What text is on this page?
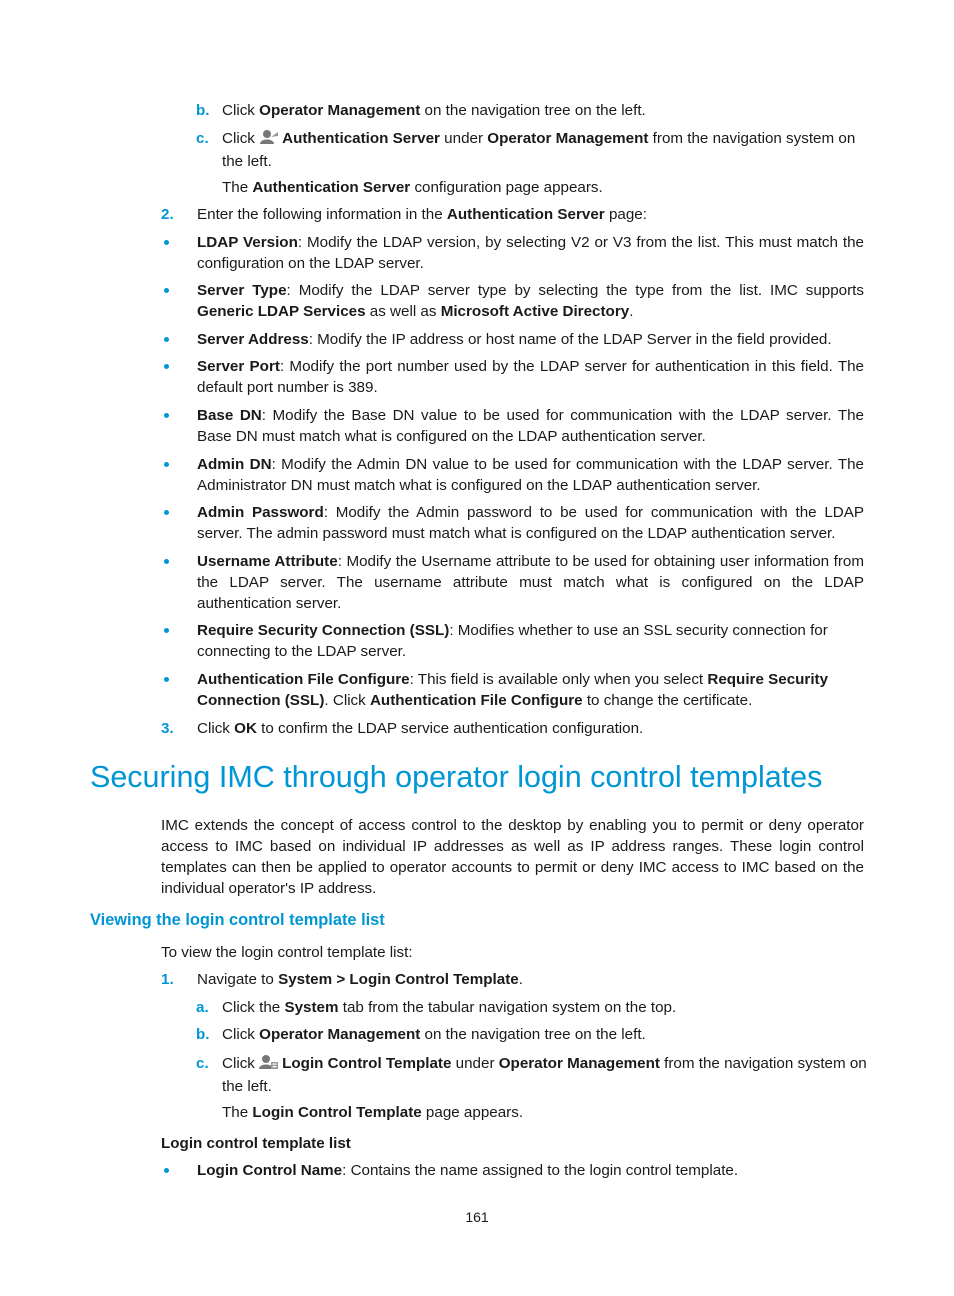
b. Click Operator Management on the navigation tree on the left.
c. Click Authentication Server under Operator Management from the navigation system on the left.
The Authentication Server configuration page appears.
2. Enter the following information in the Authentication Server page:
LDAP Version: Modify the LDAP version, by selecting V2 or V3 from the list. This must match the configuration on the LDAP server.
Server Type: Modify the LDAP server type by selecting the type from the list. IMC supports Generic LDAP Services as well as Microsoft Active Directory.
Server Address: Modify the IP address or host name of the LDAP Server in the field provided.
Server Port: Modify the port number used by the LDAP server for authentication in this field. The default port number is 389.
Base DN: Modify the Base DN value to be used for communication with the LDAP server. The Base DN must match what is configured on the LDAP authentication server.
Admin DN: Modify the Admin DN value to be used for communication with the LDAP server. The Administrator DN must match what is configured on the LDAP authentication server.
Admin Password: Modify the Admin password to be used for communication with the LDAP server. The admin password must match what is configured on the LDAP authentication server.
Username Attribute: Modify the Username attribute to be used for obtaining user information from the LDAP server. The username attribute must match what is configured on the LDAP authentication server.
Require Security Connection (SSL): Modifies whether to use an SSL security connection for connecting to the LDAP server.
Authentication File Configure: This field is available only when you select Require Security Connection (SSL). Click Authentication File Configure to change the certificate.
3. Click OK to confirm the LDAP service authentication configuration.
Securing IMC through operator login control templates
IMC extends the concept of access control to the desktop by enabling you to permit or deny operator access to IMC based on individual IP addresses as well as IP address ranges. These login control templates can then be applied to operator accounts to permit or deny IMC access to IMC based on the individual operator's IP address.
Viewing the login control template list
To view the login control template list:
1. Navigate to System > Login Control Template.
a. Click the System tab from the tabular navigation system on the top.
b. Click Operator Management on the navigation tree on the left.
c. Click Login Control Template under Operator Management from the navigation system on the left.
The Login Control Template page appears.
Login control template list
Login Control Name: Contains the name assigned to the login control template.
161
